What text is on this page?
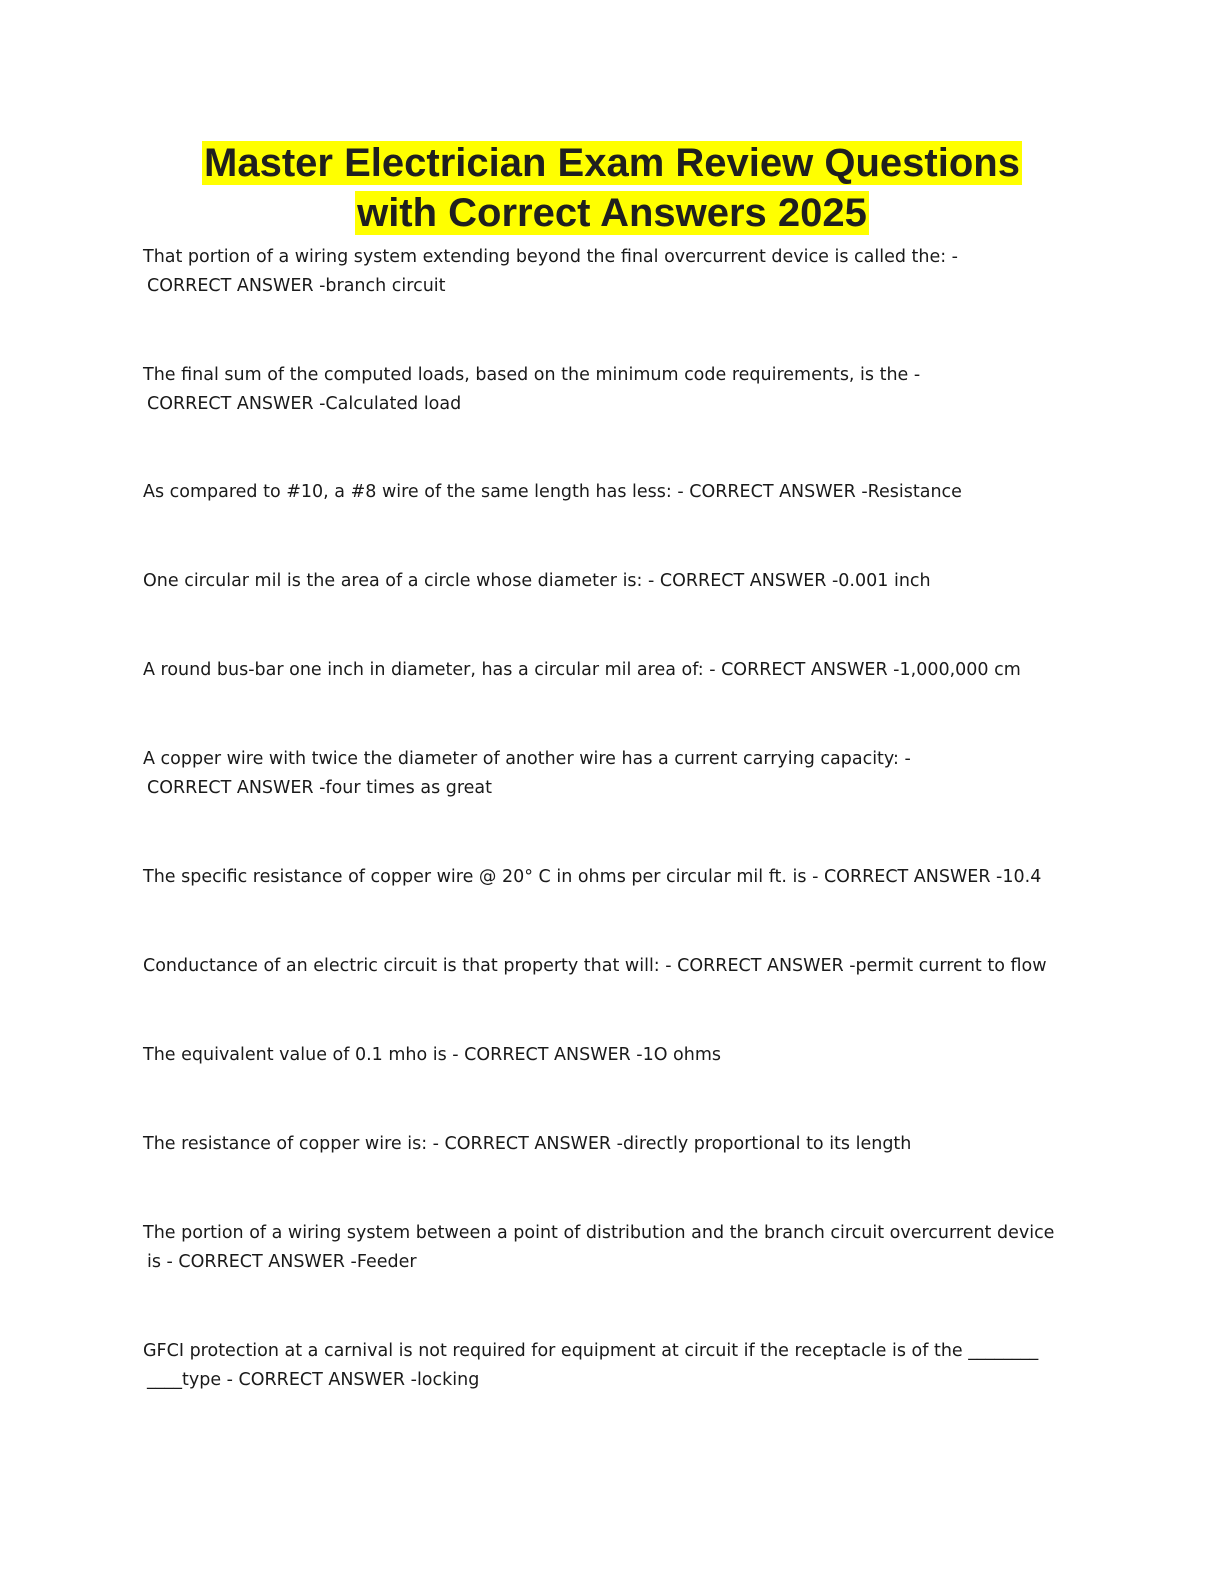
Master Electrician Exam Review Questions
with Correct Answers 2025

That portion of a wiring system extending beyond the final overcurrent device is called the: -
CORRECT ANSWER -branch circuit

The final sum of the computed loads, based on the minimum code requirements, is the -
CORRECT ANSWER -Calculated load

As compared to #10, a #8 wire of the same length has less: - CORRECT ANSWER -Resistance

One circular mil is the area of a circle whose diameter is: - CORRECT ANSWER -0.001 inch

A round bus-bar one inch in diameter, has a circular mil area of: - CORRECT ANSWER -1,000,000 cm

A copper wire with twice the diameter of another wire has a current carrying capacity: -
CORRECT ANSWER -four times as great

The specific resistance of copper wire @ 20° C in ohms per circular mil ft. is - CORRECT ANSWER -10.4

Conductance of an electric circuit is that property that will: - CORRECT ANSWER -permit current to flow

The equivalent value of 0.1 mho is - CORRECT ANSWER -1O ohms

The resistance of copper wire is: - CORRECT ANSWER -directly proportional to its length

The portion of a wiring system between a point of distribution and the branch circuit overcurrent device
is - CORRECT ANSWER -Feeder

GFCI protection at a carnival is not required for equipment at circuit if the receptacle is of the ________
____type - CORRECT ANSWER -locking
